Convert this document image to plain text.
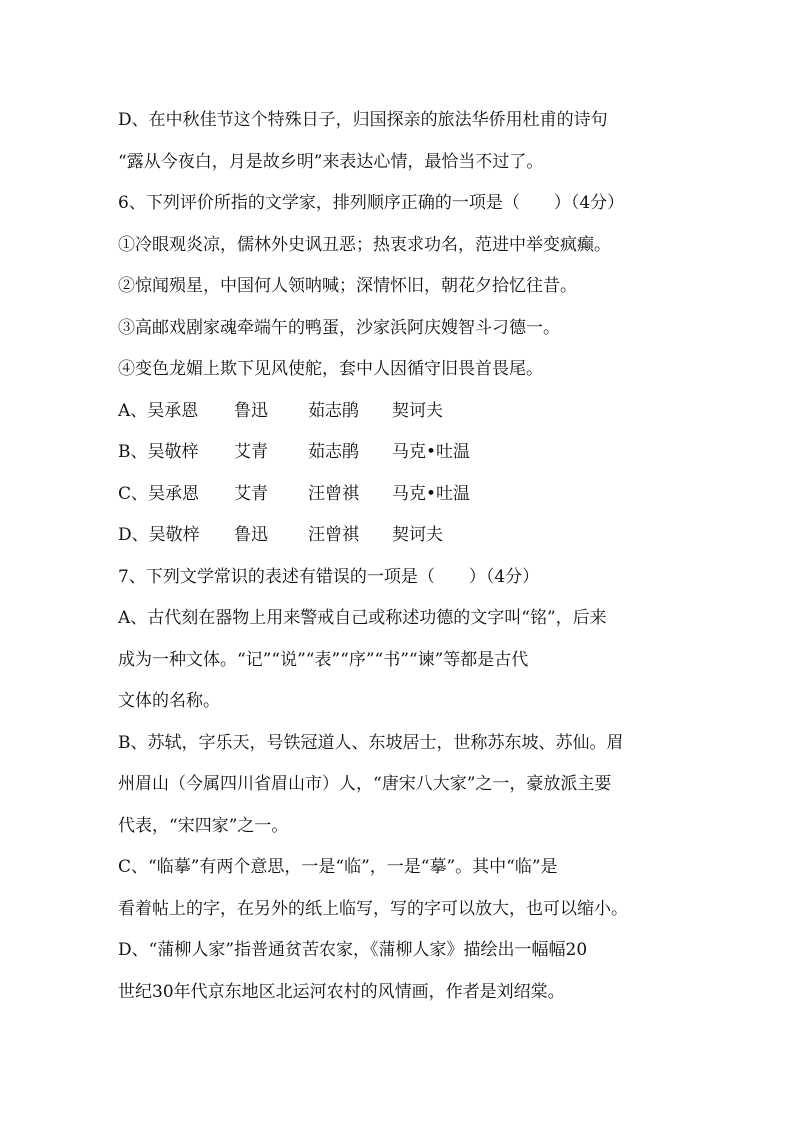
D、在中秋佳节这个特殊日子，归国探亲的旅法华侨用杜甫的诗句
“露从今夜白，月是故乡明”来表达心情，最恰当不过了。
6、下列评价所指的文学家，排列顺序正确的一项是（　　）（4分）
①冷眼观炎凉，儒林外史讽丑恶；热衷求功名，范进中举变疯癫。
②惊闻殒星，中国何人领呐喊；深情怀旧，朝花夕拾忆往昔。
③高邮戏剧家魂牵端午的鸭蛋，沙家浜阿庆嫂智斗刁德一。
④变色龙媚上欺下见风使舵，套中人因循守旧畏首畏尾。
A、吴承恩 鲁迅 茹志鹃 契诃夫
B、吴敬梓 艾青 茹志鹃 马克•吐温
C、吴承恩 艾青 汪曾祺 马克•吐温
D、吴敬梓 鲁迅 汪曾祺 契诃夫
7、下列文学常识的表述有错误的一项是（　　）（4分）
A、古代刻在器物上用来警戒自己或称述功德的文字叫“铭”，后来
成为一种文体。“记”“说”“表”“序”“书”“谏”等都是古代
文体的名称。
B、苏轼，字乐天，号铁冠道人、东坡居士，世称苏东坡、苏仙。眉
州眉山（今属四川省眉山市）人，“唐宋八大家”之一，豪放派主要
代表，“宋四家”之一。
C、“临摹”有两个意思，一是“临”，一是“摹”。其中“临”是
看着帖上的字，在另外的纸上临写，写的字可以放大，也可以缩小。
D、“蒲柳人家”指普通贫苦农家，《蒲柳人家》描绘出一幅幅20
世纪30年代京东地区北运河农村的风情画，作者是刘绍棠。
